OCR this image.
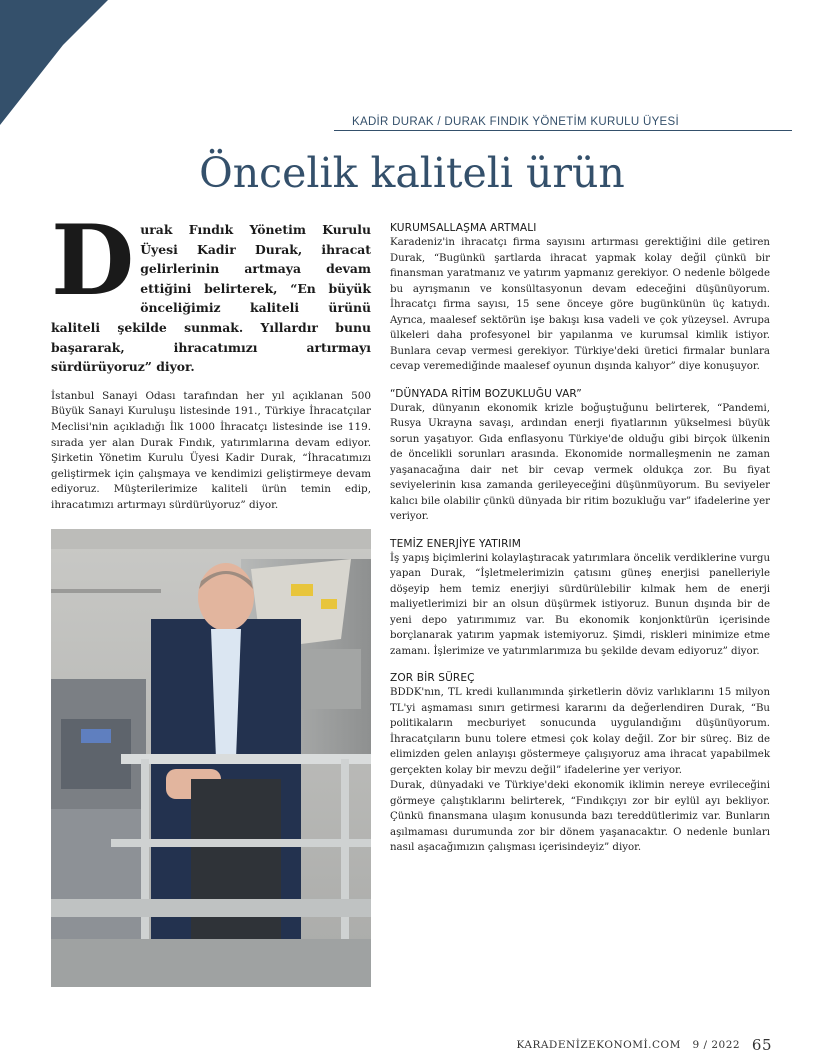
KADİR DURAK / DURAK FINDIK YÖNETİM KURULU ÜYESİ
Öncelik kaliteli ürün

Durak Fındık Yönetim Kurulu Üyesi Kadir Durak, ihracat gelirlerinin artmaya devam ettiğini belirterek, “En büyük önceliğimiz kaliteli ürünü kaliteli şekilde sunmak. Yıllardır bunu başararak, ihracatımızı artırmayı sürdürüyoruz” diyor.

İstanbul Sanayi Odası tarafından her yıl açıklanan 500 Büyük Sanayi Kuruluşu listesinde 191., Türkiye İhracatçılar Meclisi'nin açıkladığı İlk 1000 İhracatçı listesinde ise 119. sırada yer alan Durak Fındık, yatırımlarına devam ediyor. Şirketin Yönetim Kurulu Üyesi Kadir Durak, “İhracatımızı geliştirmek için çalışmaya ve kendimizi geliştirmeye devam ediyoruz. Müşterilerimize kaliteli ürün temin edip, ihracatımızı artırmayı sürdürüyoruz” diyor.

KURUMSALLAŞMA ARTMALI

Karadeniz'in ihracatçı firma sayısını artırması gerektiğini dile getiren Durak, “Bugünkü şartlarda ihracat yapmak kolay değil çünkü bir finansman yaratmanız ve yatırım yapmanız gerekiyor. O nedenle bölgede bu ayrışmanın ve konsültasyonun devam edeceğini düşünüyorum. İhracatçı firma sayısı, 15 sene önceye göre bugünkünün üç katıydı. Ayrıca, maalesef sektörün işe bakışı kısa vadeli ve çok yüzeysel. Avrupa ülkeleri daha profesyonel bir yapılanma ve kurumsal kimlik istiyor. Bunlara cevap vermesi gerekiyor. Türkiye'deki üretici firmalar bunlara cevap veremediğinde maalesef oyunun dışında kalıyor” diye konuşuyor.

“DÜNYADA RİTİM BOZUKLUĞU VAR”

Durak, dünyanın ekonomik krizle boğuştuğunu belirterek, “Pandemi, Rusya Ukrayna savaşı, ardından enerji fiyatlarının yükselmesi büyük sorun yaşatıyor. Gıda enflasyonu Türkiye'de olduğu gibi birçok ülkenin de öncelikli sorunları arasında. Ekonomide normalleşmenin ne zaman yaşanacağına dair net bir cevap vermek oldukça zor. Bu fiyat seviyelerinin kısa zamanda gerileyeceğini düşünmüyorum. Bu seviyeler kalıcı bile olabilir çünkü dünyada bir ritim bozukluğu var” ifadelerine yer veriyor.

TEMİZ ENERJİYE YATIRIM

İş yapış biçimlerini kolaylaştıracak yatırımlara öncelik verdiklerine vurgu yapan Durak, “İşletmelerimizin çatısını güneş enerjisi panelleriyle döşeyip hem temiz enerjiyi sürdürülebilir kılmak hem de enerji maliyetlerimizi bir an olsun düşürmek istiyoruz. Bunun dışında bir de yeni depo yatırımımız var. Bu ekonomik konjonktürün içerisinde borçlanarak yatırım yapmak istemiyoruz. Şimdi, riskleri minimize etme zamanı. İşlerimize ve yatırımlarımıza bu şekilde devam ediyoruz” diyor.

ZOR BİR SÜREÇ

BDDK'nın, TL kredi kullanımında şirketlerin döviz varlıklarını 15 milyon TL'yi aşmaması sınırı getirmesi kararını da değerlendiren Durak, “Bu politikaların mecburiyet sonucunda uygulandığını düşünüyorum. İhracatçıların bunu tolere etmesi çok kolay değil. Zor bir süreç. Biz de elimizden gelen anlayışı göstermeye çalışıyoruz ama ihracat yapabilmek gerçekten kolay bir mevzu değil” ifadelerine yer veriyor.

Durak, dünyadaki ve Türkiye'deki ekonomik iklimin nereye evrileceğini görmeye çalıştıklarını belirterek, “Fındıkçıyı zor bir eylül ayı bekliyor. Çünkü finansmana ulaşım konusunda bazı tereddütlerimiz var. Bunların aşılmaması durumunda zor bir dönem yaşanacaktır. O nedenle bunları nasıl aşacağımızın çalışması içerisindeyiz” diyor.

KARADENİZEKONOMİ.COM 9 / 2022 65
